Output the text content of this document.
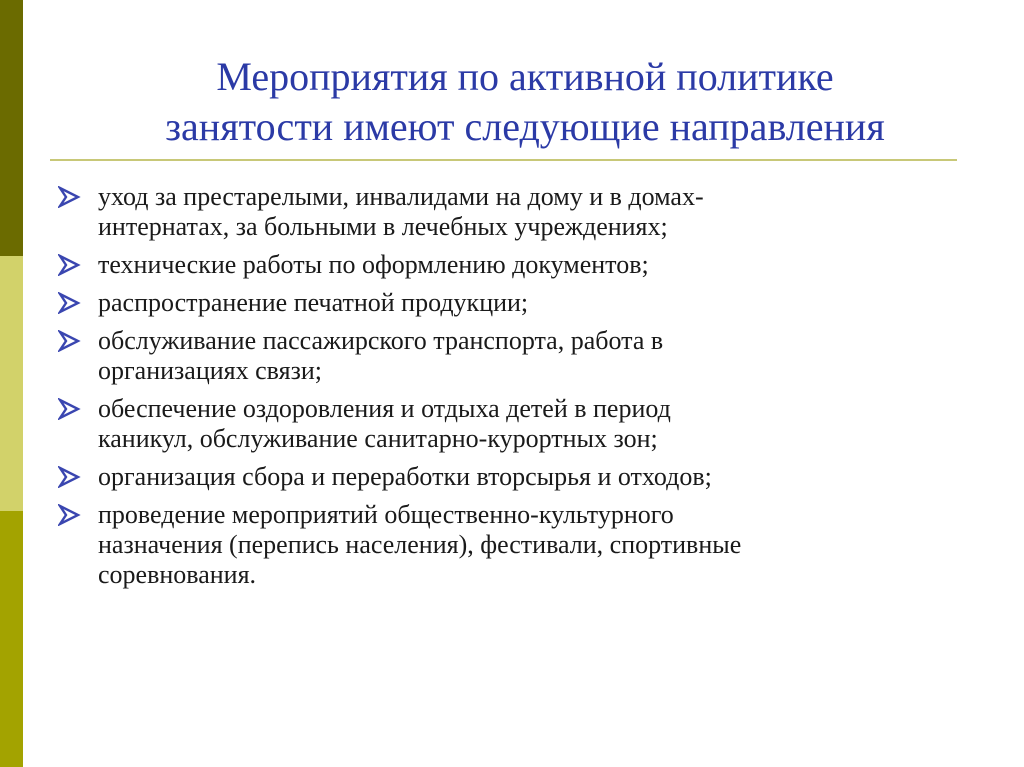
Мероприятия по активной политике
занятости имеют следующие направления
уход за престарелыми, инвалидами на дому и в домах-
интернатах, за больными в лечебных учреждениях;
технические работы по оформлению документов;
распространение печатной продукции;
обслуживание пассажирского транспорта, работа в
организациях связи;
обеспечение оздоровления и отдыха детей в период
каникул, обслуживание санитарно-курортных зон;
организация сбора и переработки вторсырья и отходов;
проведение мероприятий общественно-культурного
назначения (перепись населения), фестивали, спортивные
соревнования.
